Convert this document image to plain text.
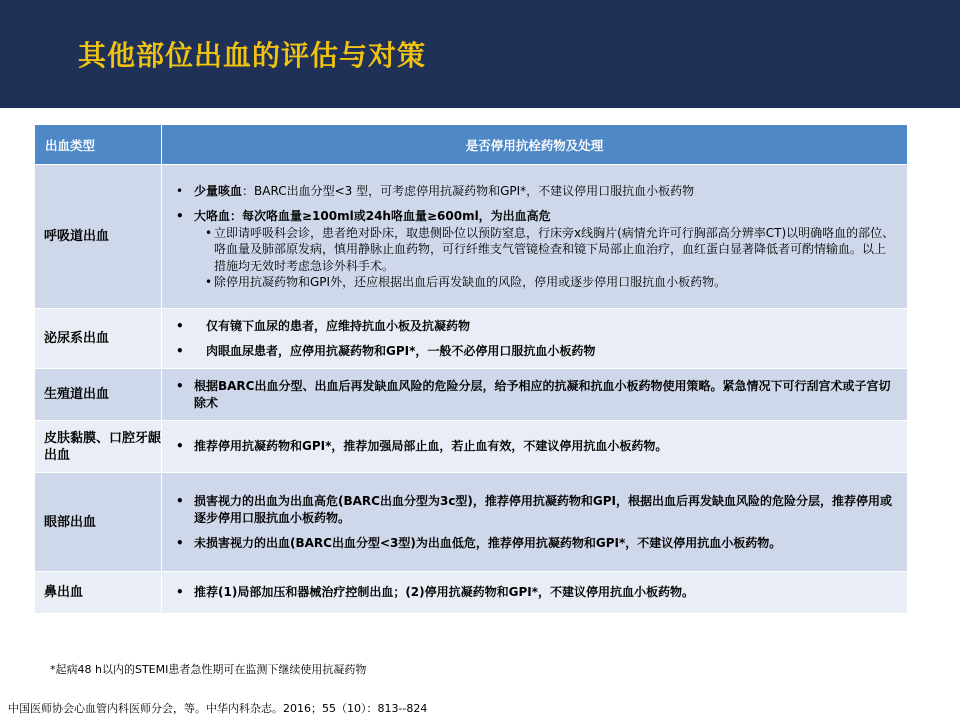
其他部位出血的评估与对策
出血类型	是否停用抗栓药物及处理
呼吸道出血	• 少量咳血：BARC出血分型<3 型，可考虑停用抗凝药物和GPI*，不建议停用口服抗血小板药物
• 大咯血：每次咯血量≥100ml或24h咯血量≥600ml，为出血高危
• 立即请呼吸科会诊，患者绝对卧床，取患侧卧位以预防窒息，行床旁x线胸片(病情允许可行胸部高分辨率CT)以明确咯血的部位、咯血量及肺部原发病，慎用静脉止血药物，可行纤维支气管镜检查和镜下局部止血治疗，血红蛋白显著降低者可酌情输血。以上措施均无效时考虑急诊外科手术。
• 除停用抗凝药物和GPI外，还应根据出血后再发缺血的风险，停用或逐步停用口服抗血小板药物。

泌尿系出血	• 仅有镜下血尿的患者，应维持抗血小板及抗凝药物
• 肉眼血尿患者，应停用抗凝药物和GPI*，一般不必停用口服抗血小板药物

生殖道出血	• 根据BARC出血分型、出血后再发缺血风险的危险分层，给予相应的抗凝和抗血小板药物使用策略。紧急情况下可行刮宫术或子宫切除术

皮肤黏膜、口腔牙龈出血	• 推荐停用抗凝药物和GPI*，推荐加强局部止血，若止血有效，不建议停用抗血小板药物。

眼部出血	• 损害视力的出血为出血高危(BARC出血分型为3c型)，推荐停用抗凝药物和GPI，根据出血后再发缺血风险的危险分层，推荐停用或逐步停用口服抗血小板药物。
• 未损害视力的出血(BARC出血分型<3型)为出血低危，推荐停用抗凝药物和GPI*，不建议停用抗血小板药物。

鼻出血	• 推荐(1)局部加压和器械治疗控制出血；(2)停用抗凝药物和GPI*，不建议停用抗血小板药物。
*起病48 h以内的STEMI患者急性期可在监测下继续使用抗凝药物
中国医师协会心血管内科医师分会，等。中华内科杂志。2016；55（10）：813--824
